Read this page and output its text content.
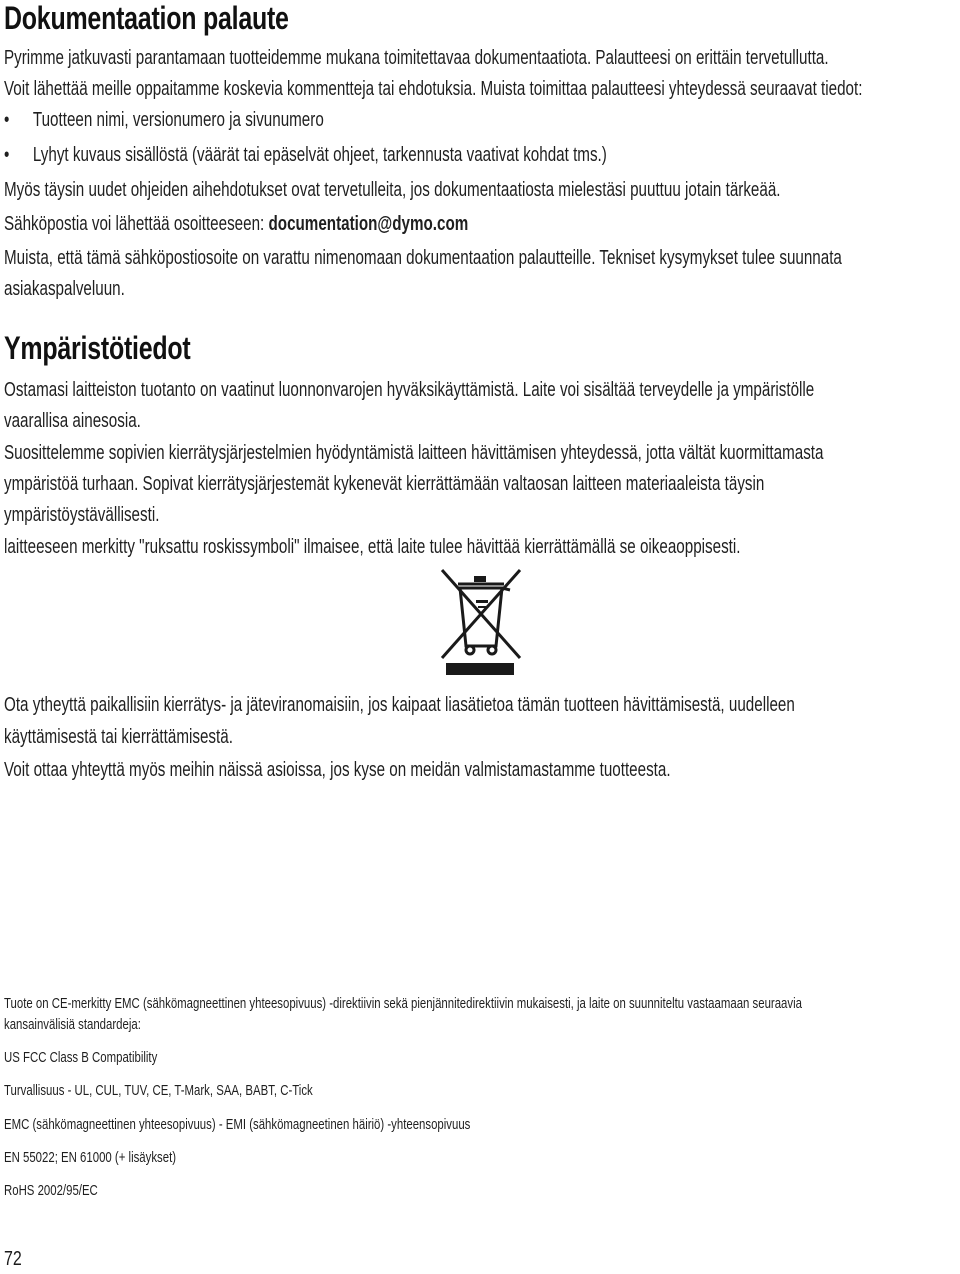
Dokumentaation palaute

Pyrimme jatkuvasti parantamaan tuotteidemme mukana toimitettavaa dokumentaatiota. Palautteesi on erittäin tervetullutta.

Voit lähettää meille oppaitamme koskevia kommentteja tai ehdotuksia. Muista toimittaa palautteesi yhteydessä seuraavat tiedot:

• Tuotteen nimi, versionumero ja sivunumero
• Lyhyt kuvaus sisällöstä (väärät tai epäselvät ohjeet, tarkennusta vaativat kohdat tms.)

Myös täysin uudet ohjeiden aihehdotukset ovat tervetulleita, jos dokumentaatiosta mielestäsi puuttuu jotain tärkeää.

Sähköpostia voi lähettää osoitteeseen: documentation@dymo.com

Muista, että tämä sähköpostiosoite on varattu nimenomaan dokumentaation palautteille. Tekniset kysymykset tulee suunnata

asiakaspalveluun.

Ympäristötiedot

Ostamasi laitteiston tuotanto on vaatinut luonnonvarojen hyväksikäyttämistä. Laite voi sisältää terveydelle ja ympäristölle

vaarallisa ainesosia.

Suosittelemme sopivien kierrätysjärjestelmien hyödyntämistä laitteen hävittämisen yhteydessä, jotta vältät kuormittamasta

ympäristöä turhaan. Sopivat kierrätysjärjestemät kykenevät kierrättämään valtaosan laitteen materiaaleista täysin

ympäristöystävällisesti.

laitteeseen merkitty "ruksattu roskissymboli" ilmaisee, että laite tulee hävittää kierrättämällä se oikeaoppisesti.

Ota ytheyttä paikallisiin kierrätys- ja jäteviranomaisiin, jos kaipaat liasätietoa tämän tuotteen hävittämisestä, uudelleen

käyttämisestä tai kierrättämisestä.

Voit ottaa yhteyttä myös meihin näissä asioissa, jos kyse on meidän valmistamastamme tuotteesta.

Tuote on CE-merkitty EMC (sähkömagneettinen yhteesopivuus) -direktiivin sekä pienjännitedirektiivin mukaisesti, ja laite on suunniteltu vastaamaan seuraavia

kansainvälisiä standardeja:

US FCC Class B Compatibility

Turvallisuus - UL, CUL, TUV, CE, T-Mark, SAA, BABT, C-Tick

EMC (sähkömagneettinen yhteesopivuus) - EMI (sähkömagneetinen häiriö) -yhteensopivuus

EN 55022; EN 61000 (+ lisäykset)

RoHS 2002/95/EC

72
